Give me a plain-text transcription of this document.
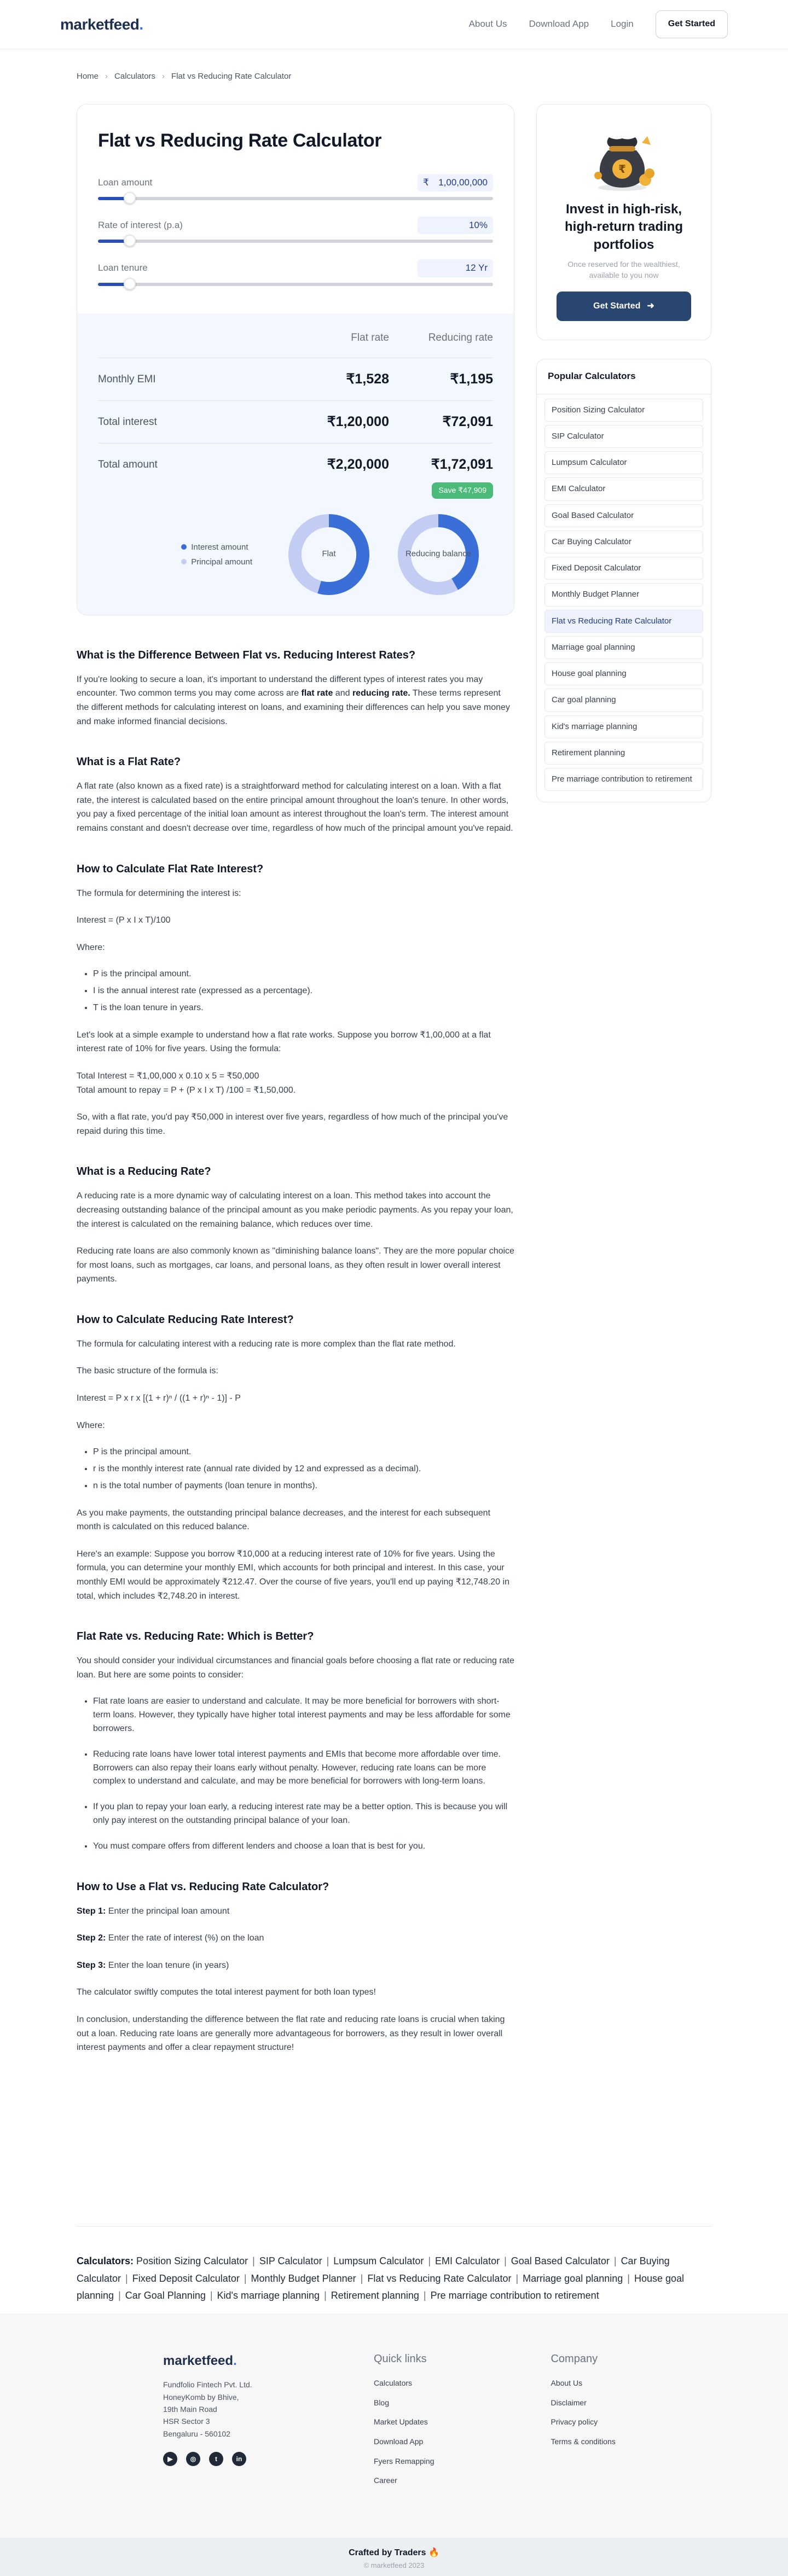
marketfeed.	About Us Download App Login	Get Started
Home › Calculators › Flat vs Reducing Rate Calculator
Flat vs Reducing Rate Calculator
Loan amount	₹ 1,00,00,000
Rate of interest (p.a)	10%
Loan tenure	12 Yr
Flat rate	Reducing rate
Monthly EMI	₹1,528	₹1,195
Total interest	₹1,20,000	₹72,091
Total amount	₹2,20,000	₹1,72,091
Save ₹47,909
Interest amount
Principal amount
Flat	Reducing balance
What is the Difference Between Flat vs. Reducing Interest Rates?

If you're looking to secure a loan, it's important to understand the different types of interest rates you may encounter. Two common terms you may come across are flat rate and reducing rate. These terms represent the different methods for calculating interest on loans, and examining their differences can help you save money and make informed financial decisions.

What is a Flat Rate?

A flat rate (also known as a fixed rate) is a straightforward method for calculating interest on a loan. With a flat rate, the interest is calculated based on the entire principal amount throughout the loan's tenure. In other words, you pay a fixed percentage of the initial loan amount as interest throughout the loan's term. The interest amount remains constant and doesn't decrease over time, regardless of how much of the principal amount you've repaid.

How to Calculate Flat Rate Interest?

The formula for determining the interest is:

Interest = (P x I x T)/100

Where:

• P is the principal amount.
• I is the annual interest rate (expressed as a percentage).
• T is the loan tenure in years.

Let's look at a simple example to understand how a flat rate works. Suppose you borrow ₹1,00,000 at a flat interest rate of 10% for five years. Using the formula:

Total Interest = ₹1,00,000 x 0.10 x 5 = ₹50,000
Total amount to repay = P + (P x I x T) /100 = ₹1,50,000.

So, with a flat rate, you'd pay ₹50,000 in interest over five years, regardless of how much of the principal you've repaid during this time.

What is a Reducing Rate?

A reducing rate is a more dynamic way of calculating interest on a loan. This method takes into account the decreasing outstanding balance of the principal amount as you make periodic payments. As you repay your loan, the interest is calculated on the remaining balance, which reduces over time.

Reducing rate loans are also commonly known as "diminishing balance loans". They are the more popular choice for most loans, such as mortgages, car loans, and personal loans, as they often result in lower overall interest payments.

How to Calculate Reducing Rate Interest?

The formula for calculating interest with a reducing rate is more complex than the flat rate method.

The basic structure of the formula is:

Interest = P x r x [(1 + r)ⁿ / ((1 + r)ⁿ - 1)] - P

Where:

• P is the principal amount.
• r is the monthly interest rate (annual rate divided by 12 and expressed as a decimal).
• n is the total number of payments (loan tenure in months).

As you make payments, the outstanding principal balance decreases, and the interest for each subsequent month is calculated on this reduced balance.

Here's an example: Suppose you borrow ₹10,000 at a reducing interest rate of 10% for five years. Using the formula, you can determine your monthly EMI, which accounts for both principal and interest. In this case, your monthly EMI would be approximately ₹212.47. Over the course of five years, you'll end up paying ₹12,748.20 in total, which includes ₹2,748.20 in interest.

Flat Rate vs. Reducing Rate: Which is Better?

You should consider your individual circumstances and financial goals before choosing a flat rate or reducing rate loan. But here are some points to consider:

• Flat rate loans are easier to understand and calculate. It may be more beneficial for borrowers with short-term loans. However, they typically have higher total interest payments and may be less affordable for some borrowers.
• Reducing rate loans have lower total interest payments and EMIs that become more affordable over time. Borrowers can also repay their loans early without penalty. However, reducing rate loans can be more complex to understand and calculate, and may be more beneficial for borrowers with long-term loans.
• If you plan to repay your loan early, a reducing interest rate may be a better option. This is because you will only pay interest on the outstanding principal balance of your loan.
• You must compare offers from different lenders and choose a loan that is best for you.
How to Use a Flat vs. Reducing Rate Calculator?

Step 1: Enter the principal loan amount

Step 2: Enter the rate of interest (%) on the loan

Step 3: Enter the loan tenure (in years)

The calculator swiftly computes the total interest payment for both loan types!

In conclusion, understanding the difference between the flat rate and reducing rate loans is crucial when taking out a loan. Reducing rate loans are generally more advantageous for borrowers, as they result in lower overall interest payments and offer a clear repayment structure!

₹
Invest in high-risk, high-return trading portfolios
Once reserved for the wealthiest, available to you now
Get Started ➜
Popular Calculators
Position Sizing Calculator
SIP Calculator
Lumpsum Calculator
EMI Calculator
Goal Based Calculator
Car Buying Calculator
Fixed Deposit Calculator
Monthly Budget Planner
Flat vs Reducing Rate Calculator
Marriage goal planning
House goal planning
Car goal planning
Kid's marriage planning
Retirement planning
Pre marriage contribution to retirement
Calculators: Position Sizing Calculator | SIP Calculator | Lumpsum Calculator | EMI Calculator | Goal Based Calculator | Car Buying Calculator | Fixed Deposit Calculator | Monthly Budget Planner | Flat vs Reducing Rate Calculator | Marriage goal planning | House goal planning | Car Goal Planning | Kid's marriage planning | Retirement planning | Pre marriage contribution to retirement
marketfeed.
Fundfolio Fintech Pvt. Ltd.
HoneyKomb by Bhive,
19th Main Road
HSR Sector 3
Bengaluru - 560102
▶	◎	t	in
Quick links
Calculators
Blog
Market Updates
Download App
Fyers Remapping
Career
Company
About Us
Disclaimer
Privacy policy
Terms & conditions
Crafted by Traders 🔥
© marketfeed 2023
